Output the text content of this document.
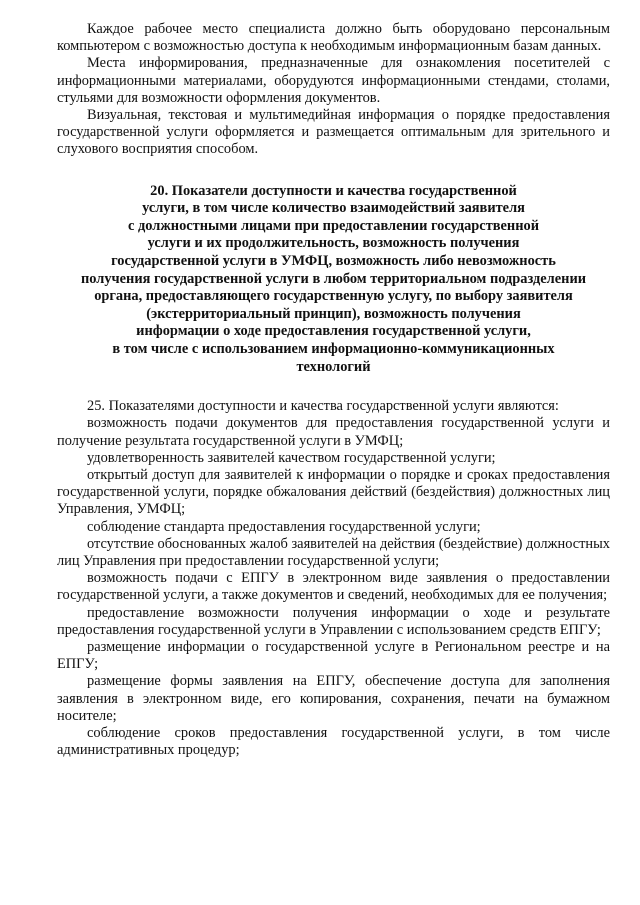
Каждое рабочее место специалиста должно быть оборудовано персональным компьютером с возможностью доступа к необходимым информационным базам данных.

Места информирования, предназначенные для ознакомления посетителей с информационными материалами, оборудуются информационными стендами, столами, стульями для возможности оформления документов.

Визуальная, текстовая и мультимедийная информация о порядке предоставления государственной услуги оформляется и размещается оптимальным для зрительного и слухового восприятия способом.

20. Показатели доступности и качества государственной
услуги, в том числе количество взаимодействий заявителя
с должностными лицами при предоставлении государственной
услуги и их продолжительность, возможность получения
государственной услуги в УМФЦ, возможность либо невозможность
получения государственной услуги в любом территориальном подразделении
органа, предоставляющего государственную услугу, по выбору заявителя
(экстерриториальный принцип), возможность получения
информации о ходе предоставления государственной услуги,
в том числе с использованием информационно-коммуникационных
технологий

25. Показателями доступности и качества государственной услуги являются:

возможность подачи документов для предоставления государственной услуги и получение результата государственной услуги в УМФЦ;

удовлетворенность заявителей качеством государственной услуги;

открытый доступ для заявителей к информации о порядке и сроках предоставления государственной услуги, порядке обжалования действий (бездействия) должностных лиц Управления, УМФЦ;

соблюдение стандарта предоставления государственной услуги;

отсутствие обоснованных жалоб заявителей на действия (бездействие) должностных лиц Управления при предоставлении государственной услуги;

возможность подачи с ЕПГУ в электронном виде заявления о предоставлении государственной услуги, а также документов и сведений, необходимых для ее получения;

предоставление возможности получения информации о ходе и результате предоставления государственной услуги в Управлении с использованием средств ЕПГУ;

размещение информации о государственной услуге в Региональном реестре и на ЕПГУ;

размещение формы заявления на ЕПГУ, обеспечение доступа для заполнения заявления в электронном виде, его копирования, сохранения, печати на бумажном носителе;

соблюдение сроков предоставления государственной услуги, в том числе административных процедур;
